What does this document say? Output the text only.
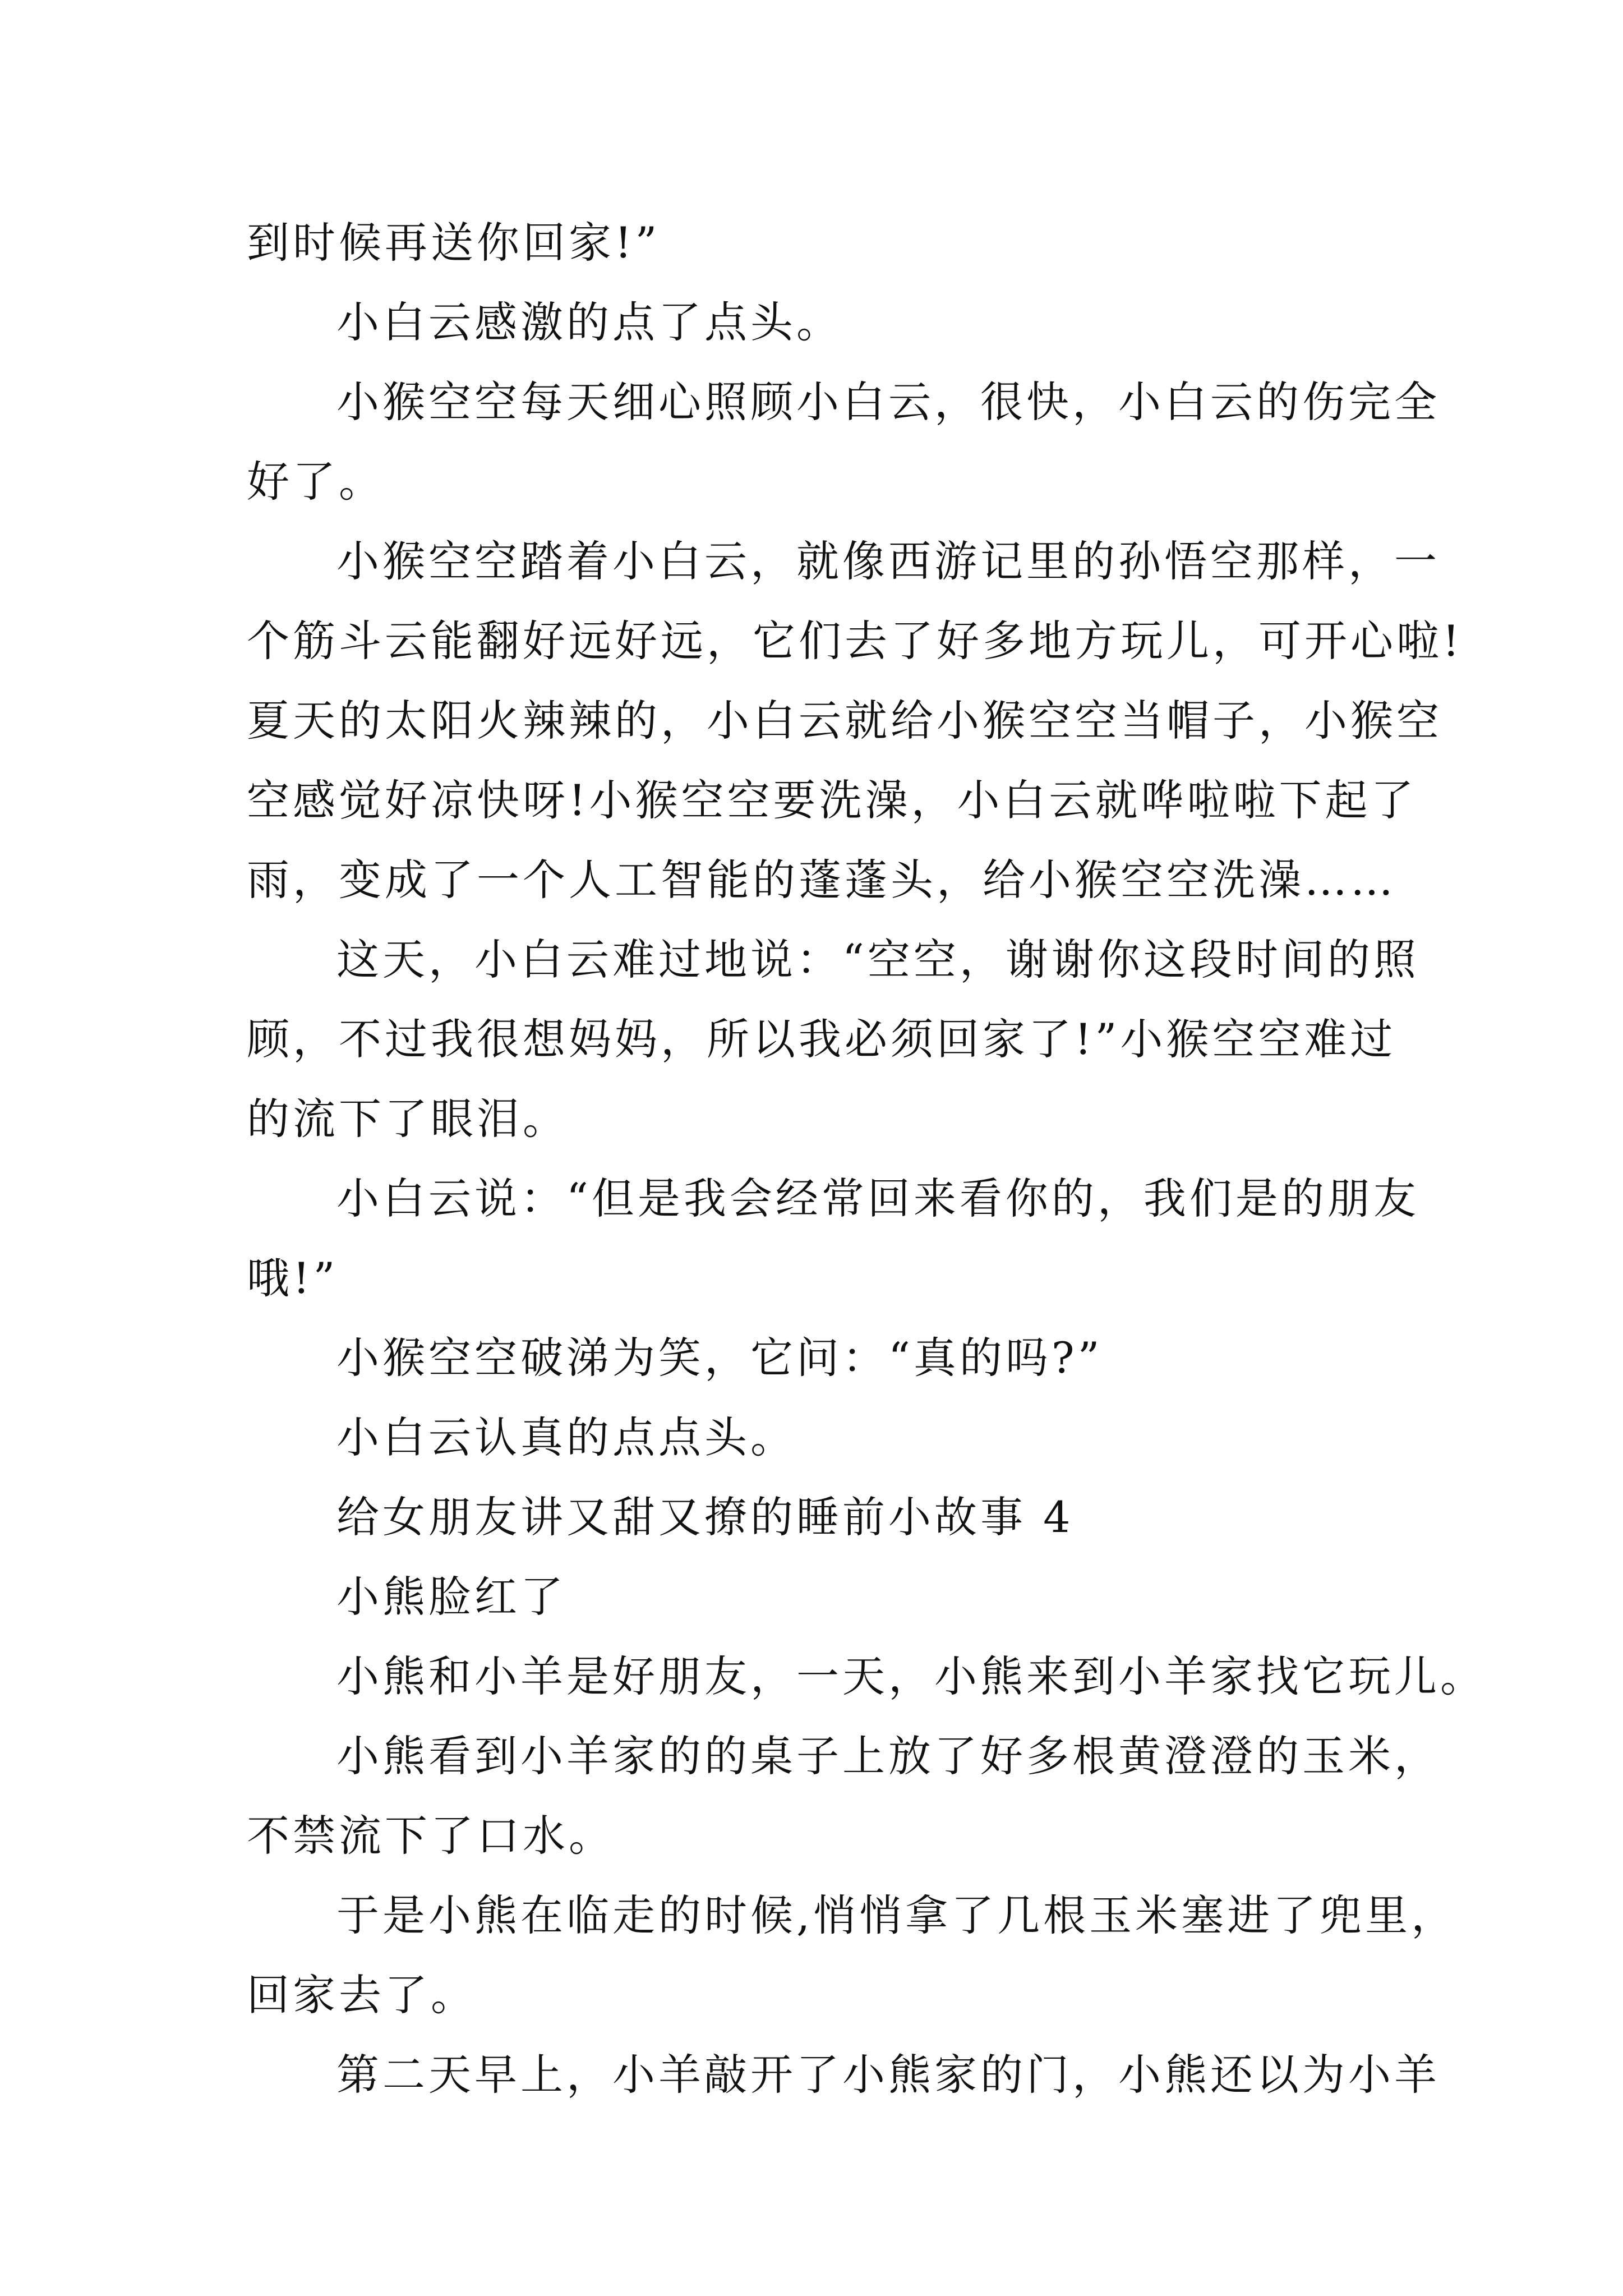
到时候再送你回家!”

小白云感激的点了点头。

小猴空空每天细心照顾小白云，很快，小白云的伤完全

好了。

小猴空空踏着小白云，就像西游记里的孙悟空那样，一

个筋斗云能翻好远好远，它们去了好多地方玩儿，可开心啦!

夏天的太阳火辣辣的，小白云就给小猴空空当帽子，小猴空

空感觉好凉快呀!小猴空空要洗澡，小白云就哗啦啦下起了

雨，变成了一个人工智能的蓬蓬头，给小猴空空洗澡……

这天，小白云难过地说：“空空，谢谢你这段时间的照

顾，不过我很想妈妈，所以我必须回家了!”小猴空空难过

的流下了眼泪。

小白云说：“但是我会经常回来看你的，我们是的朋友

哦!”

小猴空空破涕为笑，它问：“真的吗?”

小白云认真的点点头。

给女朋友讲又甜又撩的睡前小故事 4

小熊脸红了

小熊和小羊是好朋友，一天，小熊来到小羊家找它玩儿。

小熊看到小羊家的的桌子上放了好多根黄澄澄的玉米，

不禁流下了口水。

于是小熊在临走的时候,悄悄拿了几根玉米塞进了兜里，

回家去了。

第二天早上，小羊敲开了小熊家的门，小熊还以为小羊
